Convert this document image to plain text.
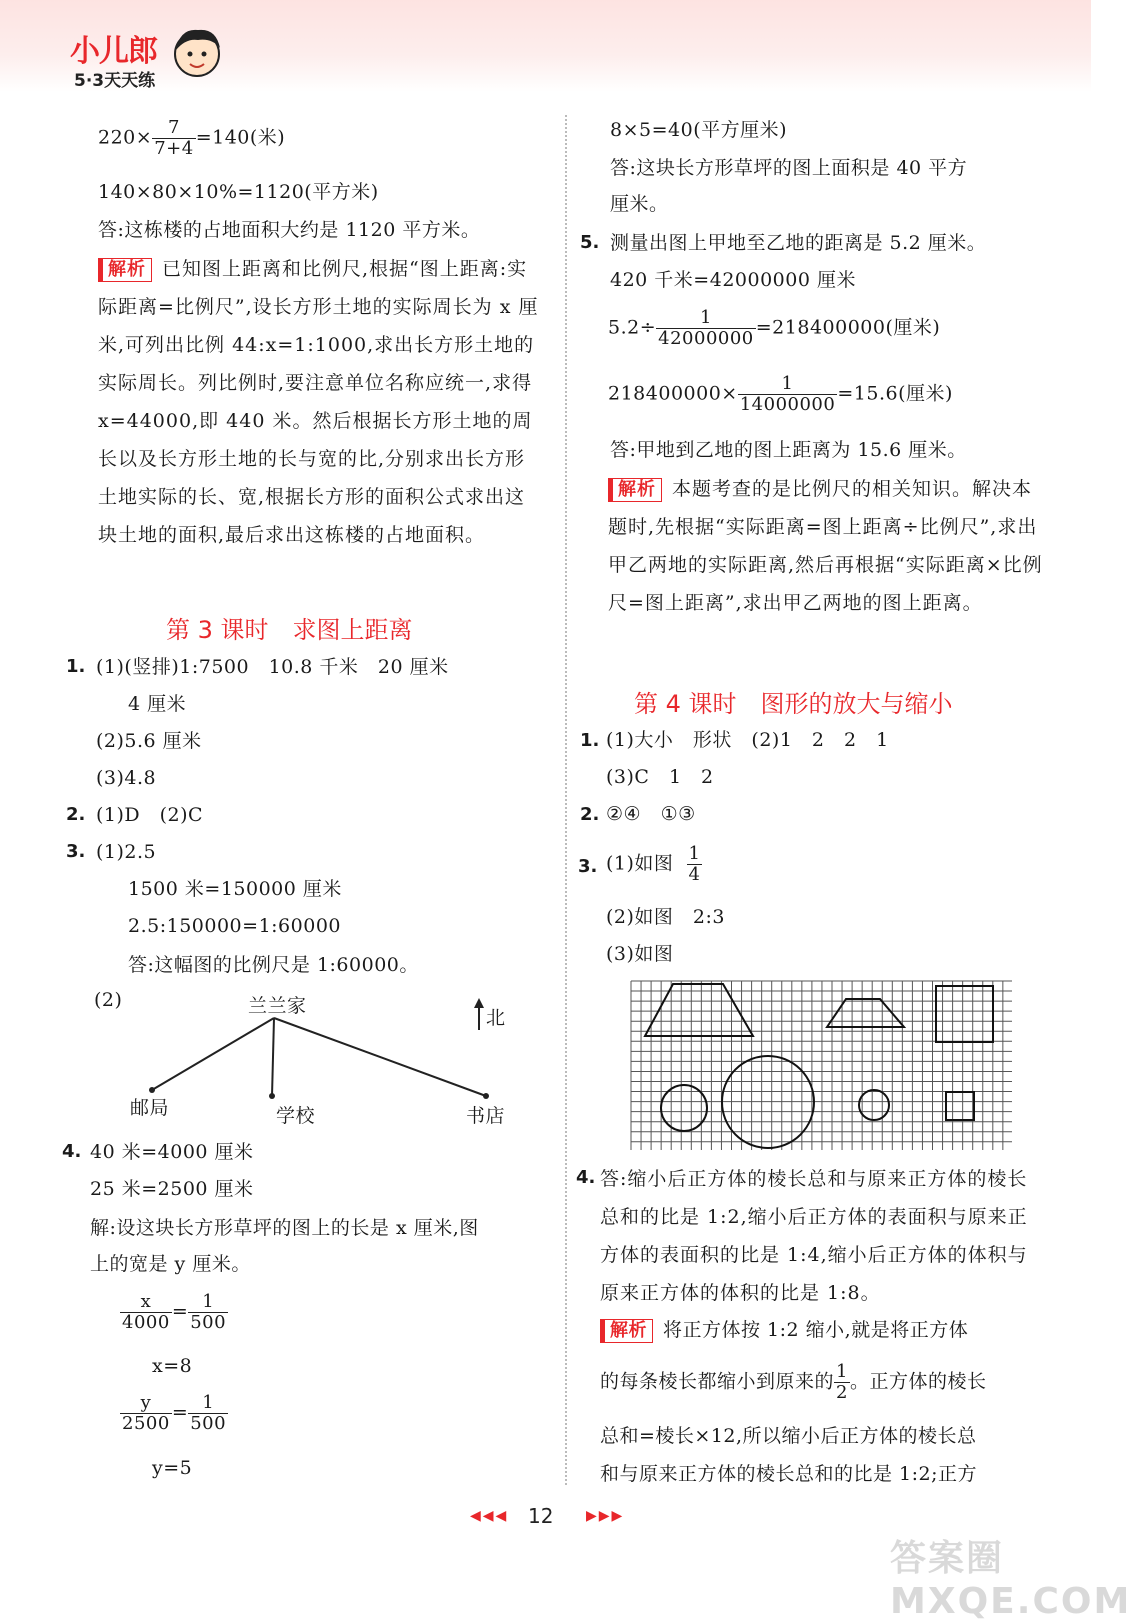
小儿郎
5·3天天练
$220\times \frac{7}{7+4} =140$(米)
140×80×10%=1120(平方米)
答:这栋楼的占地面积大约是 1120 平方米。
解析 已知图上距离和比例尺,根据“图上距离:实际距离=比例尺”,设长方形土地的实际周长为 x 厘米,可列出比例 44:x=1:1000,求出长方形土地的实际周长。列比例时,要注意单位名称应统一,求得 x=44000,即 440 米。然后根据长方形土地的周长以及长方形土地的长与宽的比,分别求出长方形土地实际的长、宽,根据长方形的面积公式求出这块土地的面积,最后求出这栋楼的占地面积。
第 3 课时　求图上距离
1. (1)(竖排)1:7500　10.8 千米　20 厘米
4 厘米
(2)5.6 厘米
(3)4.8
2. (1)D　(2)C
3. (1)2.5
1500 米=150000 厘米
2.5:150000=1:60000
答:这幅图的比例尺是 1:60000。
(2)	兰兰家
北
邮局	学校	书店
4. 40 米=4000 厘米
25 米=2500 厘米
解:设这块长方形草坪的图上的长是 x 厘米,图
上的宽是 y 厘米。
$\frac{x}{4000} = \frac{1}{500}$
x=8
$\frac{y}{2500} = \frac{1}{500}$
y=5
8×5=40(平方厘米)
答:这块长方形草坪的图上面积是 40 平方
厘米。
5. 测量出图上甲地至乙地的距离是 5.2 厘米。
420 千米=42000000 厘米
$5.2\div \frac{1}{42000000} =218400000$(厘米)
$218400000\times \frac{1}{14000000} =15.6$(厘米)
答:甲地到乙地的图上距离为 15.6 厘米。
解析 本题考查的是比例尺的相关知识。解决本题时,先根据“实际距离=图上距离÷比例尺”,求出甲乙两地的实际距离,然后再根据“实际距离×比例尺=图上距离”,求出甲乙两地的图上距离。
第 4 课时　图形的放大与缩小
1. (1)大小　形状　(2)1　2　2　1
(3)C　1　2
2. ②④　①③
3. (1)如图 $\frac{1}{4}$
(2)如图　2:3
(3)如图
4. 答:缩小后正方体的棱长总和与原来正方体的棱长总和的比是 1:2,缩小后正方体的表面积与原来正方体的表面积的比是 1:4,缩小后正方体的体积与原来正方体的体积的比是 1:8。
解析 将正方体按 1:2 缩小,就是将正方体
的每条棱长都缩小到原来的 $\frac{1}{2}$ 。正方体的棱长
总和=棱长×12,所以缩小后正方体的棱长总
和与原来正方体的棱长总和的比是 1:2;正方
◀◀◀ 12 ▶▶▶
答案圈 MXQE.COM
